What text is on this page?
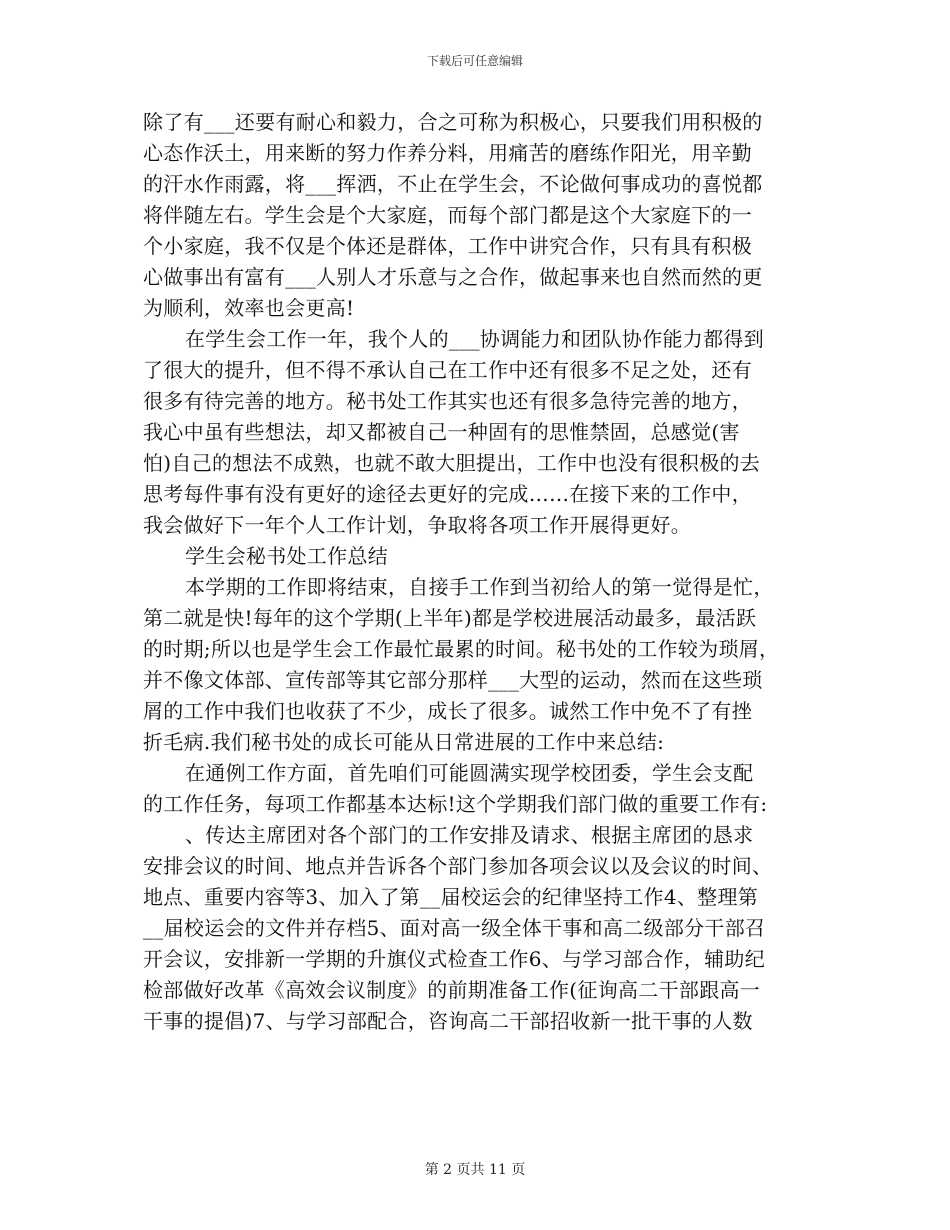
下载后可任意编辑
除了有___还要有耐心和毅力，合之可称为积极心，只要我们用积极的
心态作沃土，用来断的努力作养分料，用痛苦的磨练作阳光，用辛勤
的汗水作雨露，将___挥洒，不止在学生会，不论做何事成功的喜悦都
将伴随左右。学生会是个大家庭，而每个部门都是这个大家庭下的一
个小家庭，我不仅是个体还是群体，工作中讲究合作，只有具有积极
心做事出有富有___人别人才乐意与之合作，做起事来也自然而然的更
为顺利，效率也会更高!
在学生会工作一年，我个人的___协调能力和团队协作能力都得到
了很大的提升，但不得不承认自己在工作中还有很多不足之处，还有
很多有待完善的地方。秘书处工作其实也还有很多急待完善的地方，
我心中虽有些想法，却又都被自己一种固有的思惟禁固，总感觉(害
怕)自己的想法不成熟，也就不敢大胆提出，工作中也没有很积极的去
思考每件事有没有更好的途径去更好的完成……在接下来的工作中，
我会做好下一年个人工作计划，争取将各项工作开展得更好。
学生会秘书处工作总结
本学期的工作即将结束，自接手工作到当初给人的第一觉得是忙，
第二就是快!每年的这个学期(上半年)都是学校进展活动最多，最活跃
的时期;所以也是学生会工作最忙最累的时间。秘书处的工作较为琐屑，
并不像文体部、宣传部等其它部分那样___大型的运动，然而在这些琐
屑的工作中我们也收获了不少，成长了很多。诚然工作中免不了有挫
折毛病.我们秘书处的成长可能从日常进展的工作中来总结:
在通例工作方面，首先咱们可能圆满实现学校团委，学生会支配
的工作任务，每项工作都基本达标!这个学期我们部门做的重要工作有:
、传达主席团对各个部门的工作安排及请求、根据主席团的恳求
安排会议的时间、地点并告诉各个部门参加各项会议以及会议的时间、
地点、重要内容等3、加入了第__届校运会的纪律坚持工作4、整理第
__届校运会的文件并存档5、面对高一级全体干事和高二级部分干部召
开会议，安排新一学期的升旗仪式检查工作6、与学习部合作，辅助纪
检部做好改革《高效会议制度》的前期准备工作(征询高二干部跟高一
干事的提倡)7、与学习部配合，咨询高二干部招收新一批干事的人数
第 2 页共 11 页
